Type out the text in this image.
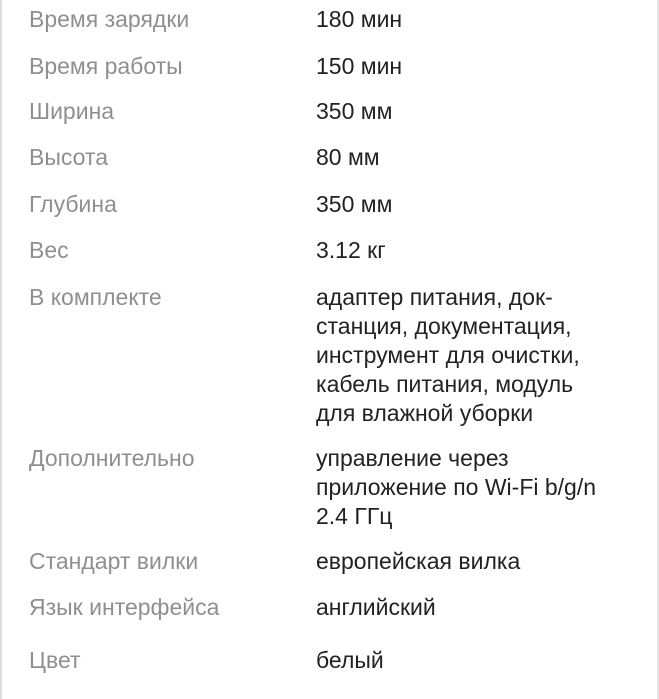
Время зарядки	180 мин
Время работы	150 мин
Ширина	350 мм
Высота	80 мм
Глубина	350 мм
Вес	3.12 кг
В комплекте	адаптер питания, док-
станция, документация,
инструмент для очистки,
кабель питания, модуль
для влажной уборки
Дополнительно	управление через
приложение по Wi-Fi b/g/n
2.4 ГГц
Стандарт вилки	европейская вилка
Язык интерфейса	английский
Цвет	белый
